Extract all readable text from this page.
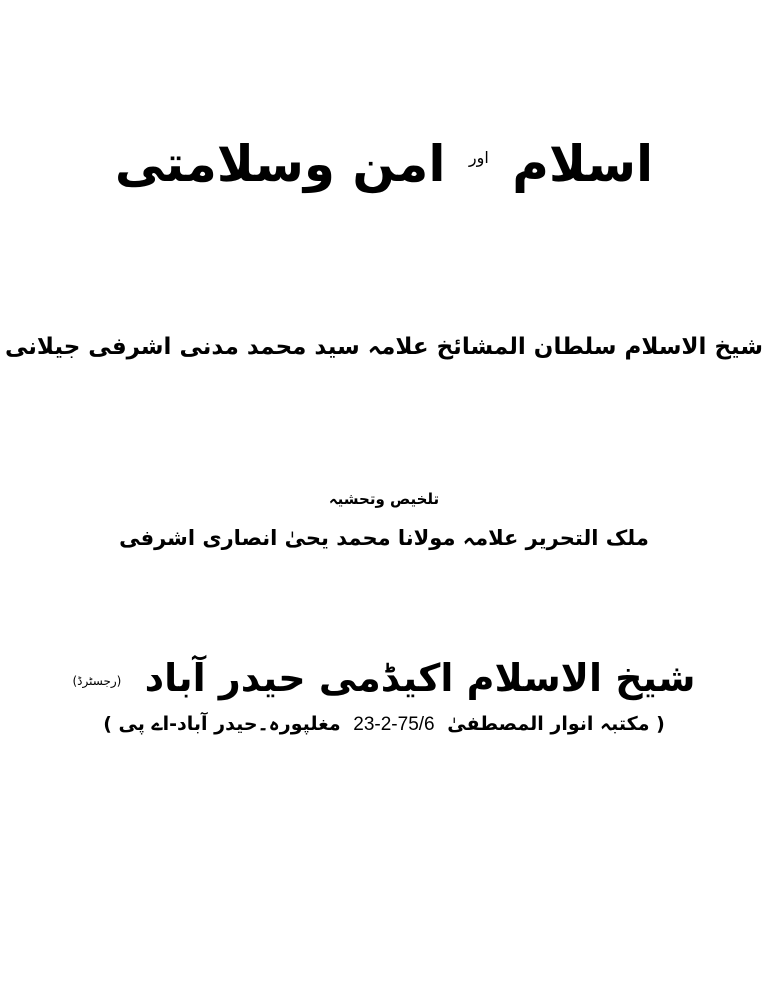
اسلام $^{اور}$ امن وسلامتی
شیخ الاسلام سلطان المشائخ علامہ سید محمد مدنی اشرفی جیلانی
تلخیص وتحشیہ
ملک التحریر علامہ مولانا محمد یحیٰ انصاری اشرفی
شیخ الاسلام اکیڈمی حیدر آباد (رجسٹرڈ)
( مکتبہ انوار المصطفیٰ 23-2-75/6 مغلپورہ۔حیدر آباد-اے پی )
